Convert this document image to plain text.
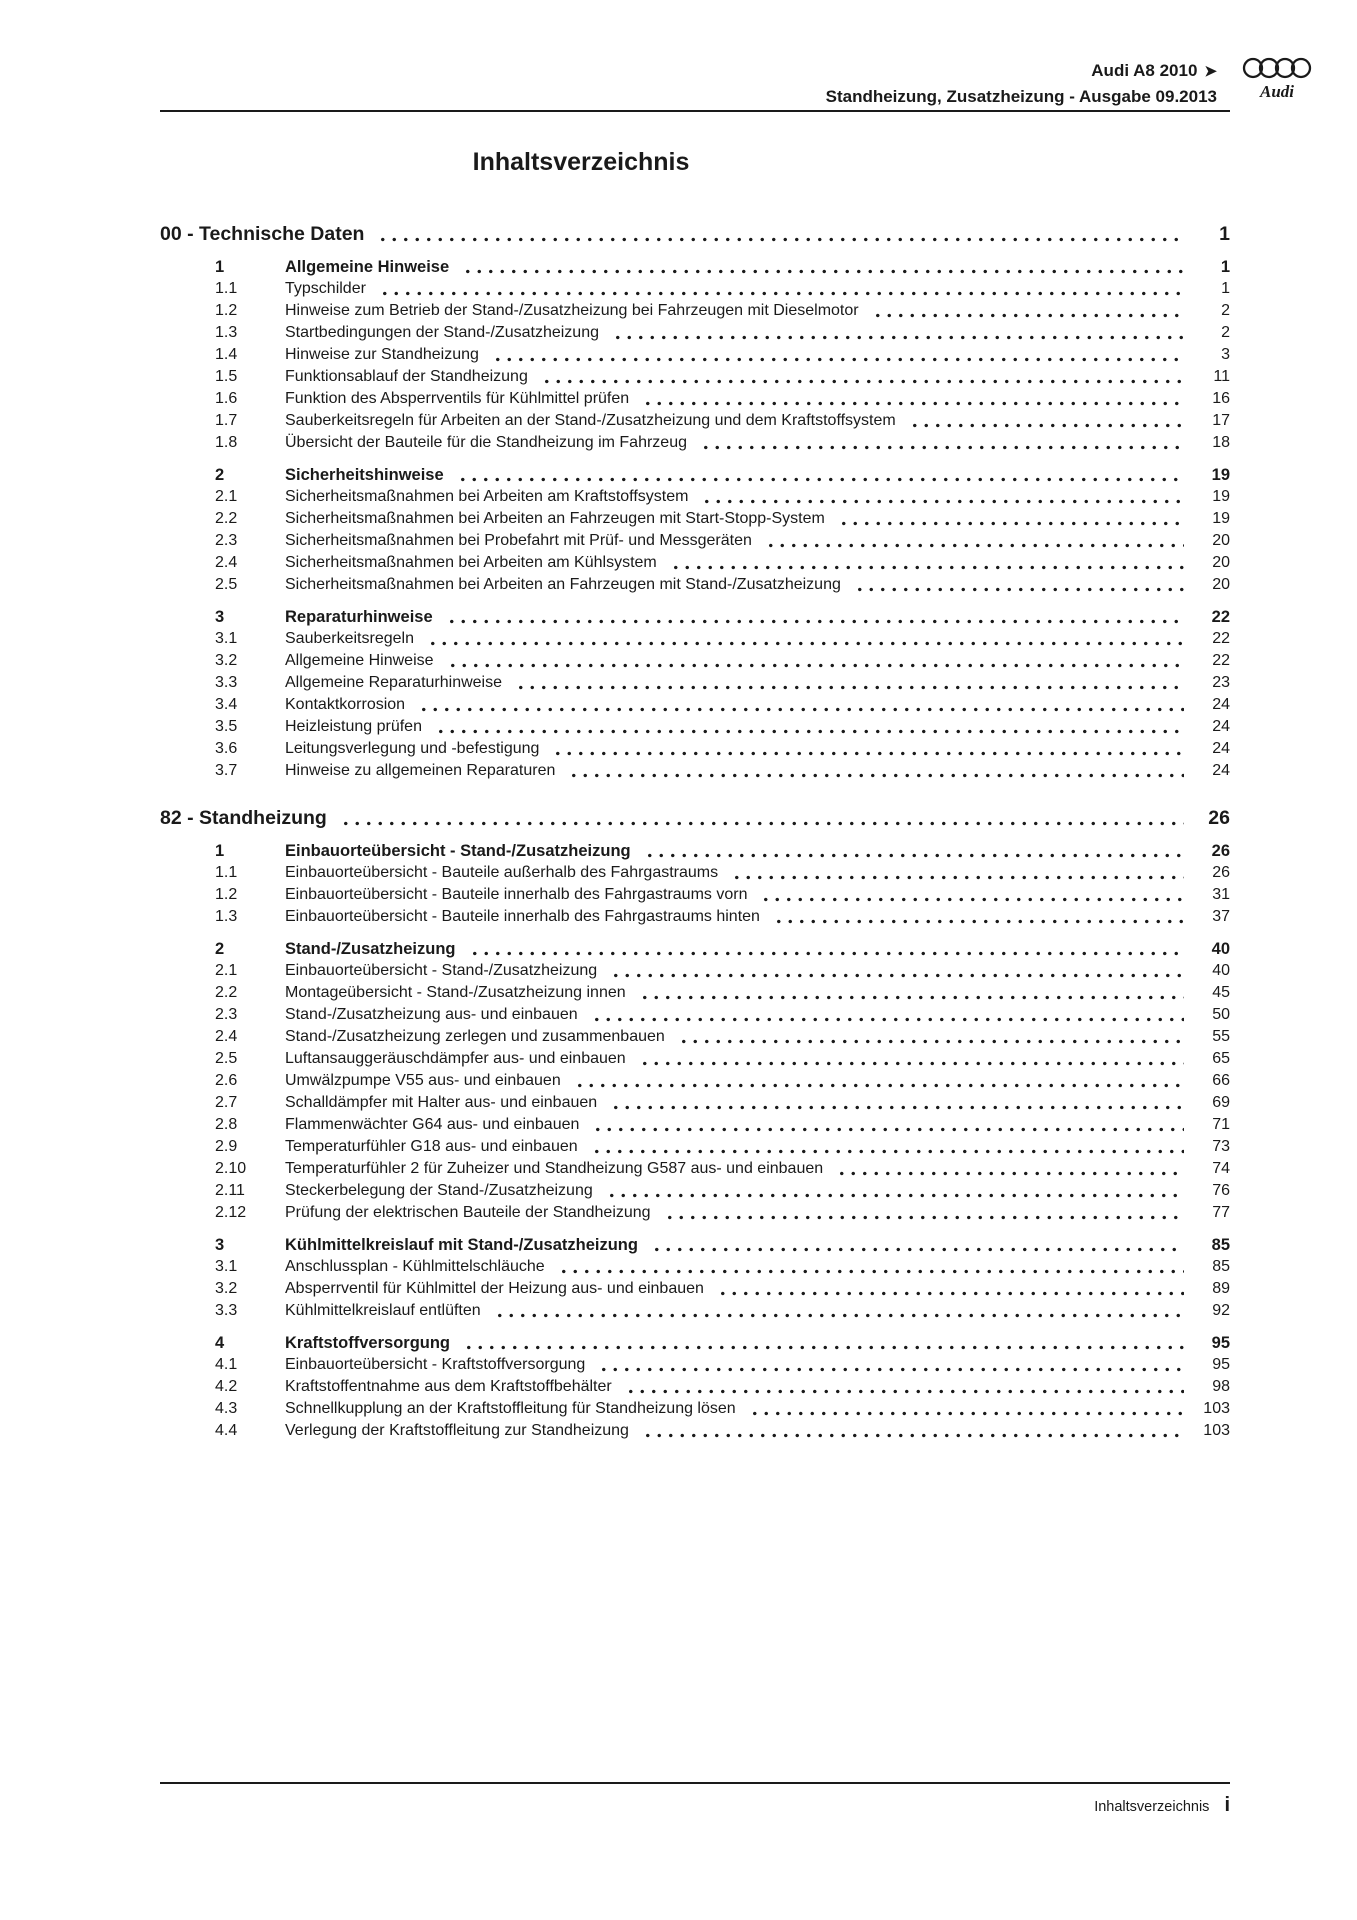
Audi A8 2010 ➤
Standheizung, Zusatzheizung - Ausgabe 09.2013	Audi
Inhaltsverzeichnis
00 - Technische Daten	1
1	Allgemeine Hinweise	1
1.1	Typschilder	1
1.2	Hinweise zum Betrieb der Stand-/Zusatzheizung bei Fahrzeugen mit Dieselmotor	2
1.3	Startbedingungen der Stand-/Zusatzheizung	2
1.4	Hinweise zur Standheizung	3
1.5	Funktionsablauf der Standheizung	11
1.6	Funktion des Absperrventils für Kühlmittel prüfen	16
1.7	Sauberkeitsregeln für Arbeiten an der Stand-/Zusatzheizung und dem Kraftstoffsystem	17
1.8	Übersicht der Bauteile für die Standheizung im Fahrzeug	18
2	Sicherheitshinweise	19
2.1	Sicherheitsmaßnahmen bei Arbeiten am Kraftstoffsystem	19
2.2	Sicherheitsmaßnahmen bei Arbeiten an Fahrzeugen mit Start-Stopp-System	19
2.3	Sicherheitsmaßnahmen bei Probefahrt mit Prüf- und Messgeräten	20
2.4	Sicherheitsmaßnahmen bei Arbeiten am Kühlsystem	20
2.5	Sicherheitsmaßnahmen bei Arbeiten an Fahrzeugen mit Stand-/Zusatzheizung	20
3	Reparaturhinweise	22
3.1	Sauberkeitsregeln	22
3.2	Allgemeine Hinweise	22
3.3	Allgemeine Reparaturhinweise	23
3.4	Kontaktkorrosion	24
3.5	Heizleistung prüfen	24
3.6	Leitungsverlegung und -befestigung	24
3.7	Hinweise zu allgemeinen Reparaturen	24
82 - Standheizung	26
1	Einbauorteübersicht - Stand-/Zusatzheizung	26
1.1	Einbauorteübersicht - Bauteile außerhalb des Fahrgastraums	26
1.2	Einbauorteübersicht - Bauteile innerhalb des Fahrgastraums vorn	31
1.3	Einbauorteübersicht - Bauteile innerhalb des Fahrgastraums hinten	37
2	Stand-/Zusatzheizung	40
2.1	Einbauorteübersicht - Stand-/Zusatzheizung	40
2.2	Montageübersicht - Stand-/Zusatzheizung innen	45
2.3	Stand-/Zusatzheizung aus- und einbauen	50
2.4	Stand-/Zusatzheizung zerlegen und zusammenbauen	55
2.5	Luftansauggeräuschdämpfer aus- und einbauen	65
2.6	Umwälzpumpe V55 aus- und einbauen	66
2.7	Schalldämpfer mit Halter aus- und einbauen	69
2.8	Flammenwächter G64 aus- und einbauen	71
2.9	Temperaturfühler G18 aus- und einbauen	73
2.10	Temperaturfühler 2 für Zuheizer und Standheizung G587 aus- und einbauen	74
2.11	Steckerbelegung der Stand-/Zusatzheizung	76
2.12	Prüfung der elektrischen Bauteile der Standheizung	77
3	Kühlmittelkreislauf mit Stand-/Zusatzheizung	85
3.1	Anschlussplan - Kühlmittelschläuche	85
3.2	Absperrventil für Kühlmittel der Heizung aus- und einbauen	89
3.3	Kühlmittelkreislauf entlüften	92
4	Kraftstoffversorgung	95
4.1	Einbauorteübersicht - Kraftstoffversorgung	95
4.2	Kraftstoffentnahme aus dem Kraftstoffbehälter	98
4.3	Schnellkupplung an der Kraftstoffleitung für Standheizung lösen	103
4.4	Verlegung der Kraftstoffleitung zur Standheizung	103
Inhaltsverzeichnis i
